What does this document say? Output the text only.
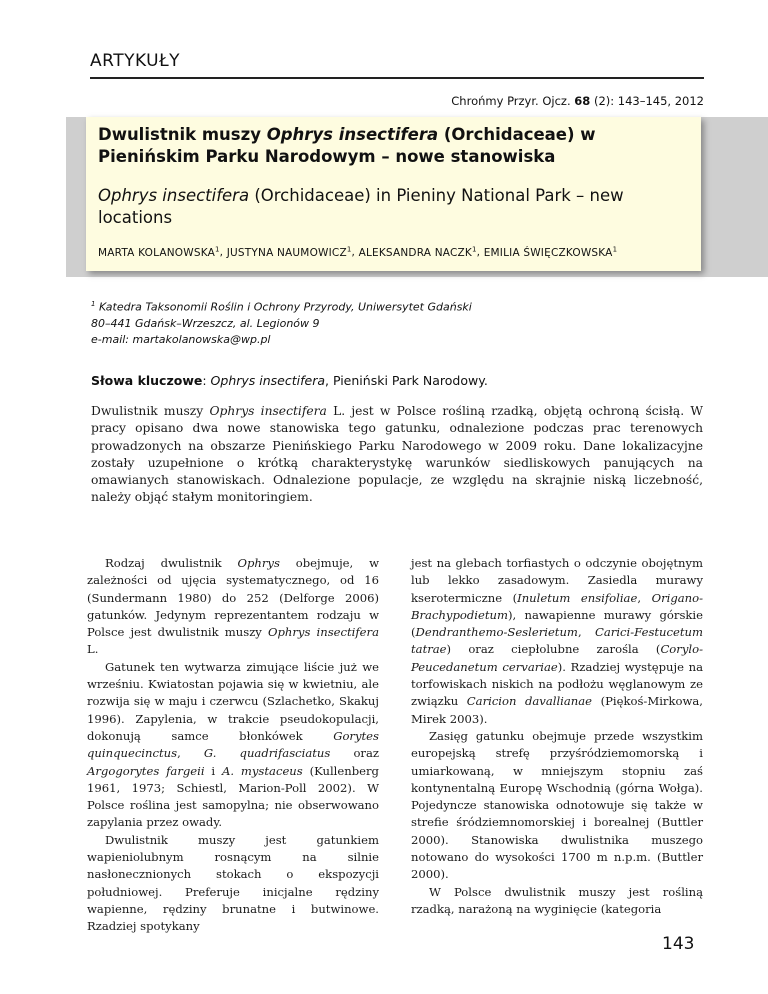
ARTYKUŁY
Chrońmy Przyr. Ojcz. 68 (2): 143–145, 2012
Dwulistnik muszy Ophrys insectifera (Orchidaceae) w Pienińskim Parku Narodowym – nowe stanowiska
Ophrys insectifera (Orchidaceae) in Pieniny National Park – new locations
MARTA KOLANOWSKA$^1$, JUSTYNA NAUMOWICZ$^1$, ALEKSANDRA NACZK$^1$, EMILIA ŚWIĘCZKOWSKA$^1$
$^1$ Katedra Taksonomii Roślin i Ochrony Przyrody, Uniwersytet Gdański
80–441 Gdańsk–Wrzeszcz, al. Legionów 9
e-mail: martakolanowska@wp.pl
Słowa kluczowe: Ophrys insectifera, Pieniński Park Narodowy.
Dwulistnik muszy Ophrys insectifera L. jest w Polsce rośliną rzadką, objętą ochroną ścisłą. W pracy opisano dwa nowe stanowiska tego gatunku, odnalezione podczas prac terenowych prowadzonych na obszarze Pienińskiego Parku Narodowego w 2009 roku. Dane lokalizacyjne zostały uzupełnione o krótką charakterystykę warunków siedliskowych panujących na omawianych stanowiskach. Odnalezione populacje, ze względu na skrajnie niską liczebność, należy objąć stałym monitoringiem.

Rodzaj dwulistnik Ophrys obejmuje, w zależności od ujęcia systematycznego, od 16 (Sundermann 1980) do 252 (Delforge 2006) gatunków. Jedynym reprezentantem rodzaju w Polsce jest dwulistnik muszy Ophrys insectifera L.

Gatunek ten wytwarza zimujące liście już we wrześniu. Kwiatostan pojawia się w kwietniu, ale rozwija się w maju i czerwcu (Szlachetko, Skakuj 1996). Zapylenia, w trakcie pseudokopulacji, dokonują samce błonkówek Gorytes quinquecinctus, G. quadrifasciatus oraz Argogorytes fargeii i A. mystaceus (Kullenberg 1961, 1973; Schiestl, Marion-Poll 2002). W Polsce roślina jest samopylna; nie obserwowano zapylania przez owady.

Dwulistnik muszy jest gatunkiem wapieniolubnym rosnącym na silnie nasłonecznionych stokach o ekspozycji południowej. Preferuje inicjalne rędziny wapienne, rędziny brunatne i butwinowe. Rzadziej spotykany

jest na glebach torfiastych o odczynie obojętnym lub lekko zasadowym. Zasiedla murawy kserotermiczne (Inuletum ensifoliae, Origano-Brachypodietum), nawapienne murawy górskie (Dendranthemo-Seslerietum, Carici-Festucetum tatrae) oraz ciepłolubne zarośla (Corylo-Peucedanetum cervariae). Rzadziej występuje na torfowiskach niskich na podłożu węglanowym ze związku Caricion davallianae (Piękoś-Mirkowa, Mirek 2003).

Zasięg gatunku obejmuje przede wszystkim europejską strefę przyśródziemomorską i umiarkowaną, w mniejszym stopniu zaś kontynentalną Europę Wschodnią (górna Wołga). Pojedyncze stanowiska odnotowuje się także w strefie śródziemnomorskiej i borealnej (Buttler 2000). Stanowiska dwulistnika muszego notowano do wysokości 1700 m n.p.m. (Buttler 2000).

W Polsce dwulistnik muszy jest rośliną rzadką, narażoną na wyginięcie (kategoria

143
